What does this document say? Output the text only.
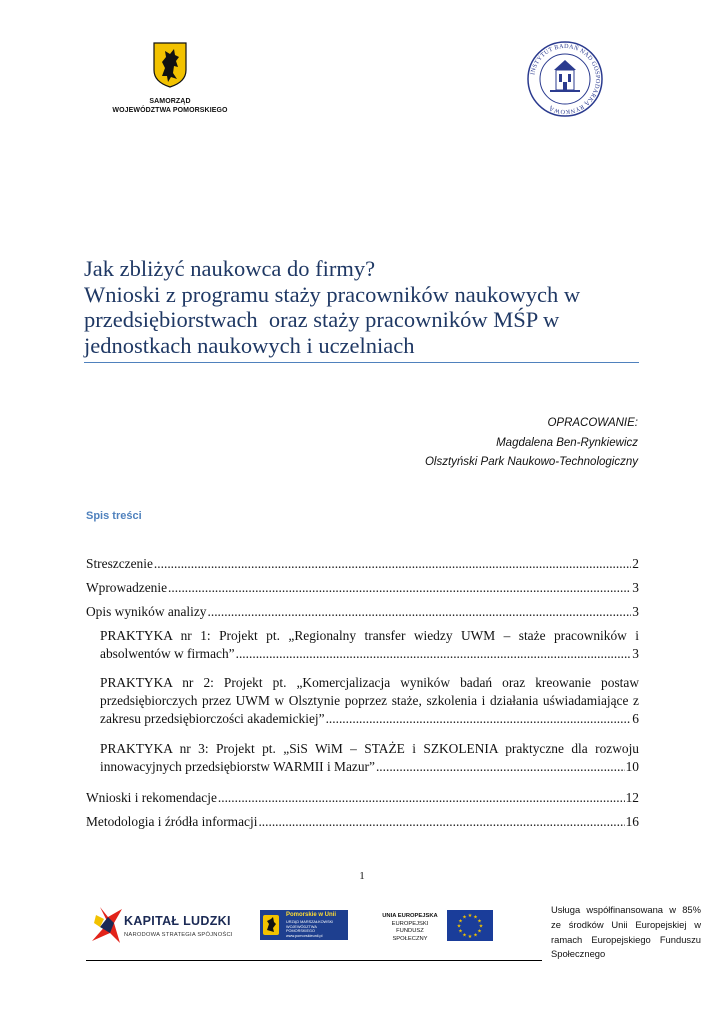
SAMORZĄD
WOJEWÓDZTWA POMORSKIEGO
INSTYTUT BADAŃ NAD GOSPODARKĄ RYNKOWĄ
Jak zbliżyć naukowca do firmy?
Wnioski z programu staży pracowników naukowych w
przedsiębiorstwach  oraz staży pracowników MŚP w
jednostkach naukowych i uczelniach
OPRACOWANIE:
Magdalena Ben-Rynkiewicz
Olsztyński Park Naukowo-Technologiczny
Spis treści
Streszczenie .....	2
Wprowadzenie .....	3
Opis wyników analizy .....	3
PRAKTYKA nr 1: Projekt pt. „Regionalny transfer wiedzy UWM – staże pracowników i
absolwentów w firmach” .....	3
PRAKTYKA nr 2: Projekt pt. „Komercjalizacja wyników badań oraz kreowanie postaw
przedsiębiorczych przez UWM w Olsztynie poprzez staże, szkolenia i działania uświadamiające z
zakresu przedsiębiorczości akademickiej” .....	6
PRAKTYKA nr 3: Projekt pt. „SiS WiM – STAŻE i SZKOLENIA praktyczne dla rozwoju
innowacyjnych przedsiębiorstw WARMII i Mazur” .....	10
Wnioski i rekomendacje .....	12
Metodologia i źródła informacji .....	16
1
KAPITAŁ LUDZKI
NARODOWA STRATEGIA SPÓJNOŚCI
Pomorskie w Unii
URZĄD MARSZAŁKOWSKI WOJEWÓDZTWA POMORSKIEGO www.pomorskieunii.pl
UNIA EUROPEJSKA
EUROPEJSKI
FUNDUSZ SPOŁECZNY
★ ★
★
★
★
★
★
★
★
★
★
★
Usługa współfinansowana w 85% ze środków Unii Europejskiej w ramach Europejskiego Funduszu Społecznego
